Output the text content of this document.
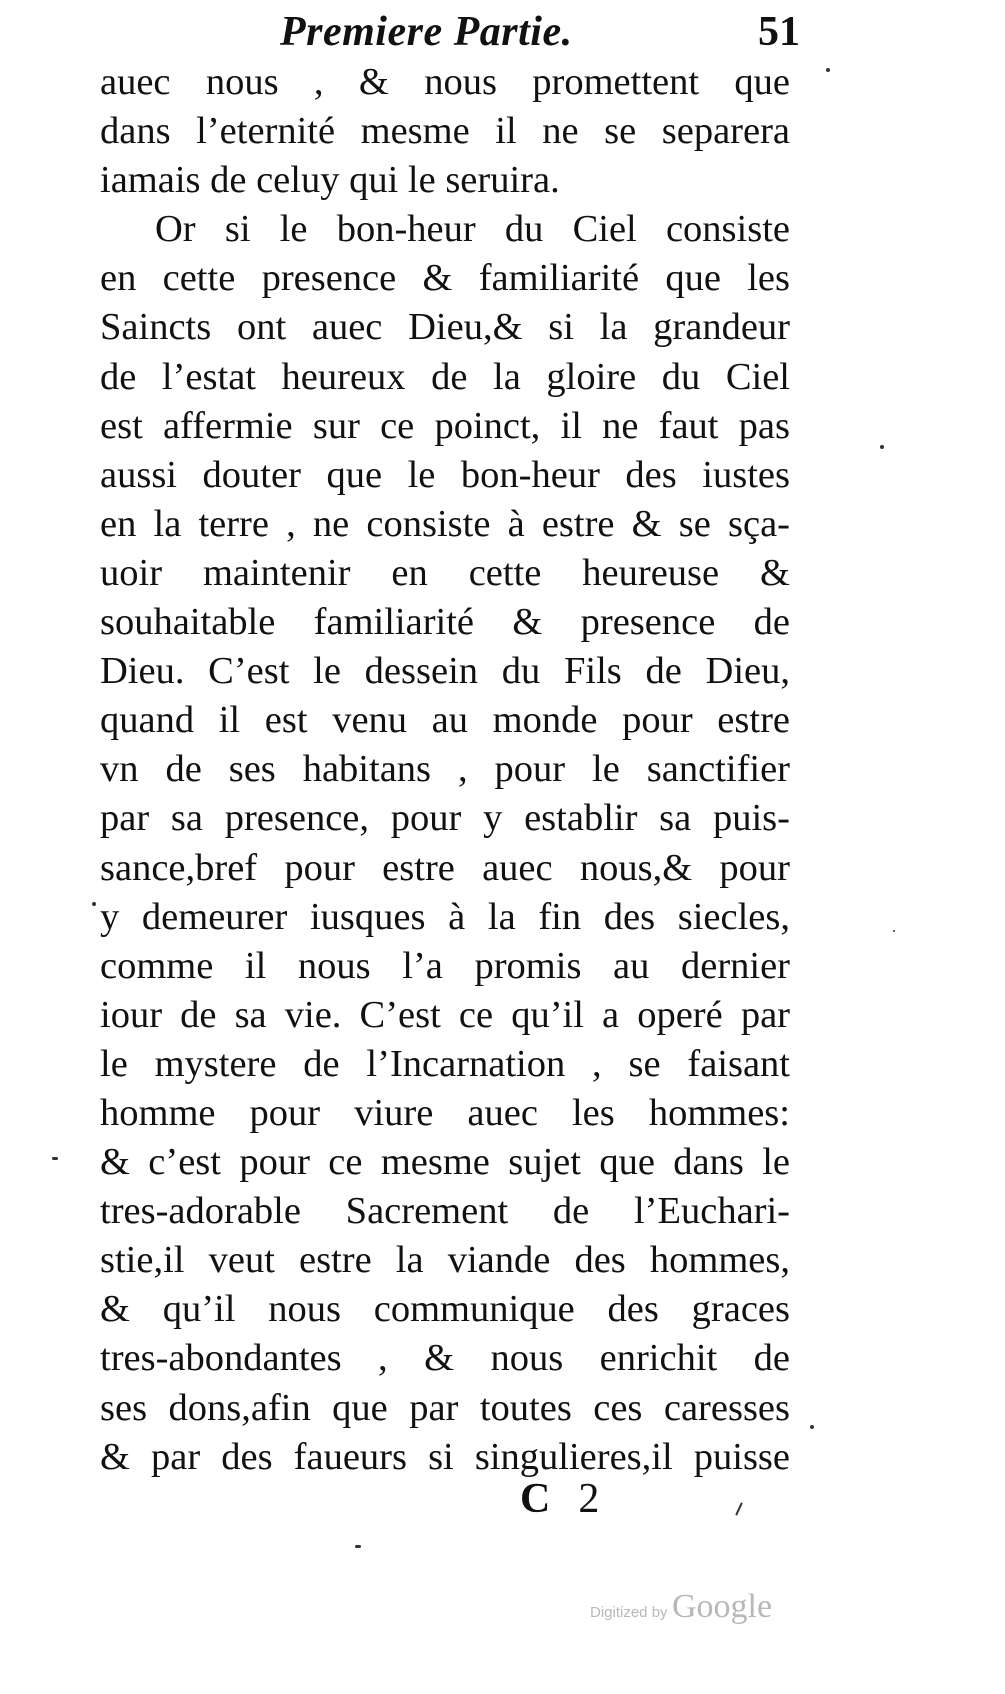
Premiere Partie.	51
auec nous , & nous promettent que
dans l’eternité mesme il ne se separera
iamais de celuy qui le seruira.
Or si le bon-heur du Ciel consiste
en cette presence & familiarité que les
Saincts ont auec Dieu,& si la grandeur
de l’estat heureux de la gloire du Ciel
est affermie sur ce poinct, il ne faut pas
aussi douter que le bon-heur des iustes
en la terre , ne consiste à estre & se sça-
uoir maintenir en cette heureuse &
souhaitable familiarité & presence de
Dieu. C’est le dessein du Fils de Dieu,
quand il est venu au monde pour estre
vn de ses habitans , pour le sanctifier
par sa presence, pour y establir sa puis-
sance,bref pour estre auec nous,& pour
y demeurer iusques à la fin des siecles,
comme il nous l’a promis au dernier
iour de sa vie. C’est ce qu’il a operé par
le mystere de l’Incarnation , se faisant
homme pour viure auec les hommes:
& c’est pour ce mesme sujet que dans le
tres-adorable Sacrement de l’Euchari-
stie,il veut estre la viande des hommes,
& qu’il nous communique des graces
tres-abondantes , & nous enrichit de
ses dons,afin que par toutes ces caresses
& par des faueurs si singulieres,il puisse
C2
Digitized by Google
